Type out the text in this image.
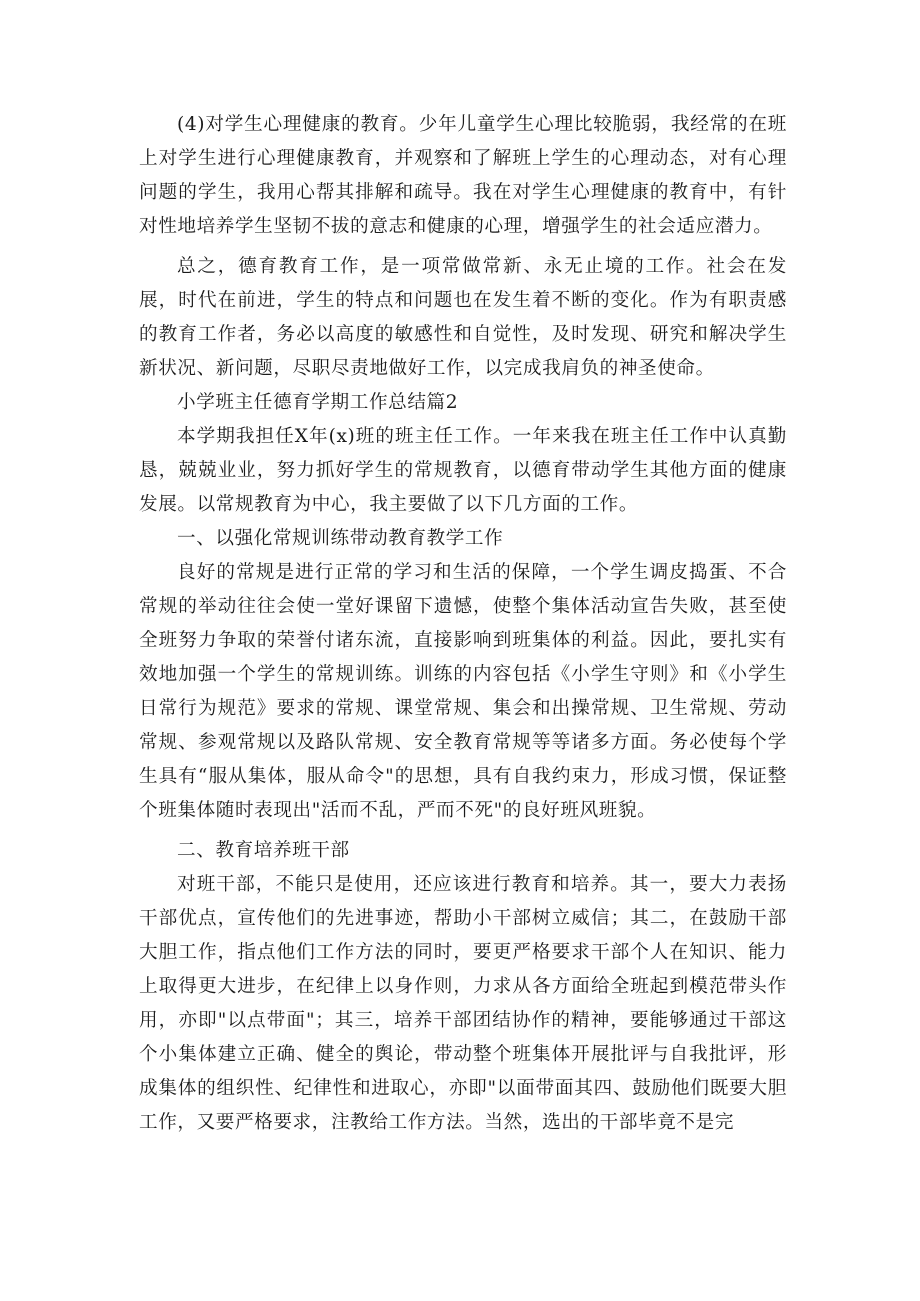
(4)对学生心理健康的教育。少年儿童学生心理比较脆弱，我经常的在班上对学生进行心理健康教育，并观察和了解班上学生的心理动态，对有心理问题的学生，我用心帮其排解和疏导。我在对学生心理健康的教育中，有针对性地培养学生坚韧不拔的意志和健康的心理，增强学生的社会适应潜力。

总之，德育教育工作，是一项常做常新、永无止境的工作。社会在发展，时代在前进，学生的特点和问题也在发生着不断的变化。作为有职责感的教育工作者，务必以高度的敏感性和自觉性，及时发现、研究和解决学生新状况、新问题，尽职尽责地做好工作，以完成我肩负的神圣使命。

小学班主任德育学期工作总结篇2

本学期我担任X年(x)班的班主任工作。一年来我在班主任工作中认真勤恳，兢兢业业，努力抓好学生的常规教育，以德育带动学生其他方面的健康发展。以常规教育为中心，我主要做了以下几方面的工作。

一、以强化常规训练带动教育教学工作

良好的常规是进行正常的学习和生活的保障，一个学生调皮捣蛋、不合常规的举动往往会使一堂好课留下遗憾，使整个集体活动宣告失败，甚至使全班努力争取的荣誉付诸东流，直接影响到班集体的利益。因此，要扎实有效地加强一个学生的常规训练。训练的内容包括《小学生守则》和《小学生日常行为规范》要求的常规、课堂常规、集会和出操常规、卫生常规、劳动常规、参观常规以及路队常规、安全教育常规等等诸多方面。务必使每个学生具有“服从集体，服从命令"的思想，具有自我约束力，形成习惯，保证整个班集体随时表现出"活而不乱，严而不死"的良好班风班貌。

二、教育培养班干部

对班干部，不能只是使用，还应该进行教育和培养。其一，要大力表扬干部优点，宣传他们的先进事迹，帮助小干部树立威信；其二，在鼓励干部大胆工作，指点他们工作方法的同时，要更严格要求干部个人在知识、能力上取得更大进步，在纪律上以身作则，力求从各方面给全班起到模范带头作用，亦即"以点带面"；其三，培养干部团结协作的精神，要能够通过干部这个小集体建立正确、健全的舆论，带动整个班集体开展批评与自我批评，形成集体的组织性、纪律性和进取心，亦即"以面带面其四、鼓励他们既要大胆工作，又要严格要求，注教给工作方法。当然，选出的干部毕竟不是完
